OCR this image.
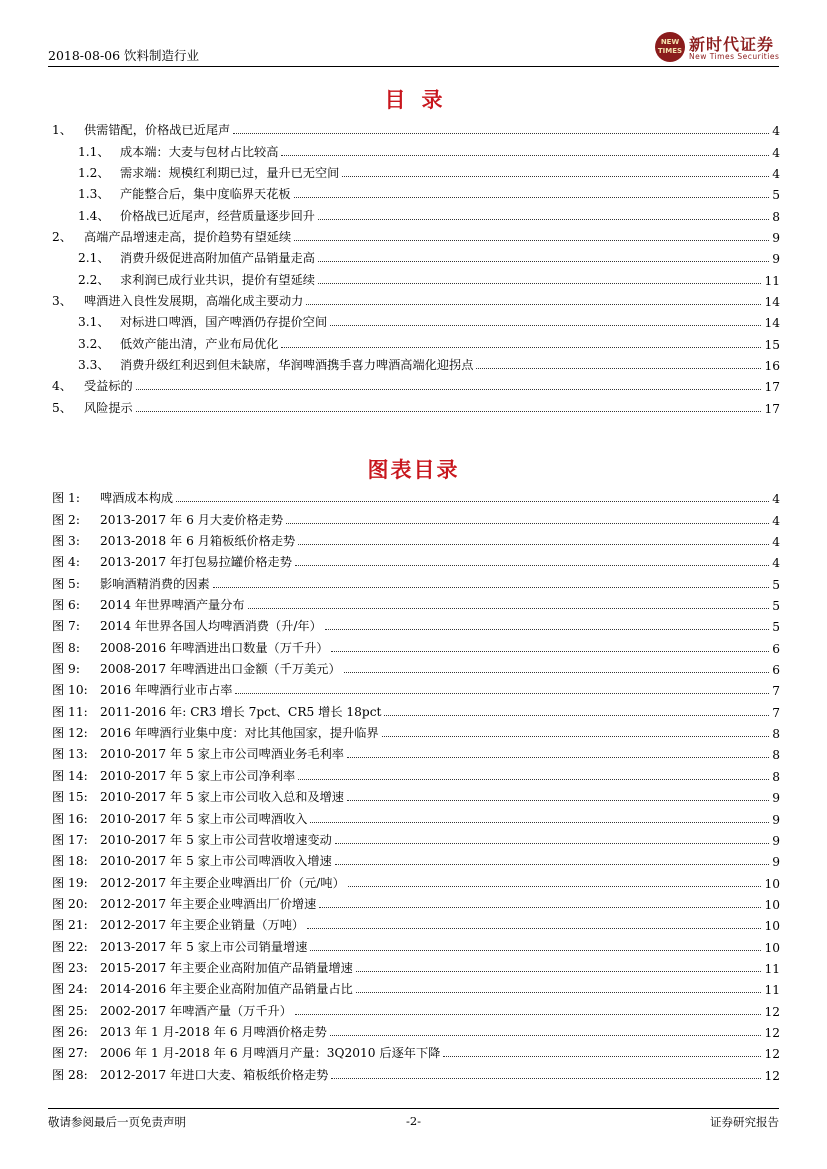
2018-08-06 饮料制造行业
NEW TIMES 新时代证券
New Times Securities
目录
1、 供需错配，价格战已近尾声	4
1.1、 成本端：大麦与包材占比较高	4
1.2、 需求端：规模红利期已过，量升已无空间	4
1.3、 产能整合后，集中度临界天花板	5
1.4、 价格战已近尾声，经营质量逐步回升	8
2、 高端产品增速走高，提价趋势有望延续	9
2.1、 消费升级促进高附加值产品销量走高	9
2.2、 求利润已成行业共识，提价有望延续	11
3、 啤酒进入良性发展期，高端化成主要动力	14
3.1、 对标进口啤酒，国产啤酒仍存提价空间	14
3.2、 低效产能出清，产业布局优化	15
3.3、 消费升级红利迟到但未缺席，华润啤酒携手喜力啤酒高端化迎拐点	16
4、 受益标的	17
5、 风险提示	17
图表目录
图 1: 啤酒成本构成	4
图 2: 2013-2017 年 6 月大麦价格走势	4
图 3: 2013-2018 年 6 月箱板纸价格走势	4
图 4: 2013-2017 年打包易拉罐价格走势	4
图 5: 影响酒精消费的因素	5
图 6: 2014 年世界啤酒产量分布	5
图 7: 2014 年世界各国人均啤酒消费（升/年）	5
图 8: 2008-2016 年啤酒进出口数量（万千升）	6
图 9: 2008-2017 年啤酒进出口金额（千万美元）	6
图 10: 2016 年啤酒行业市占率	7
图 11: 2011-2016 年: CR3 增长 7pct、CR5 增长 18pct	7
图 12: 2016 年啤酒行业集中度：对比其他国家，提升临界	8
图 13: 2010-2017 年 5 家上市公司啤酒业务毛利率	8
图 14: 2010-2017 年 5 家上市公司净利率	8
图 15: 2010-2017 年 5 家上市公司收入总和及增速	9
图 16: 2010-2017 年 5 家上市公司啤酒收入	9
图 17: 2010-2017 年 5 家上市公司营收增速变动	9
图 18: 2010-2017 年 5 家上市公司啤酒收入增速	9
图 19: 2012-2017 年主要企业啤酒出厂价（元/吨）	10
图 20: 2012-2017 年主要企业啤酒出厂价增速	10
图 21: 2012-2017 年主要企业销量（万吨）	10
图 22: 2013-2017 年 5 家上市公司销量增速	10
图 23: 2015-2017 年主要企业高附加值产品销量增速	11
图 24: 2014-2016 年主要企业高附加值产品销量占比	11
图 25: 2002-2017 年啤酒产量（万千升）	12
图 26: 2013 年 1 月-2018 年 6 月啤酒价格走势	12
图 27: 2006 年 1 月-2018 年 6 月啤酒月产量：3Q2010 后逐年下降	12
图 28: 2012-2017 年进口大麦、箱板纸价格走势	12
敬请参阅最后一页免责声明	-2-	证券研究报告
